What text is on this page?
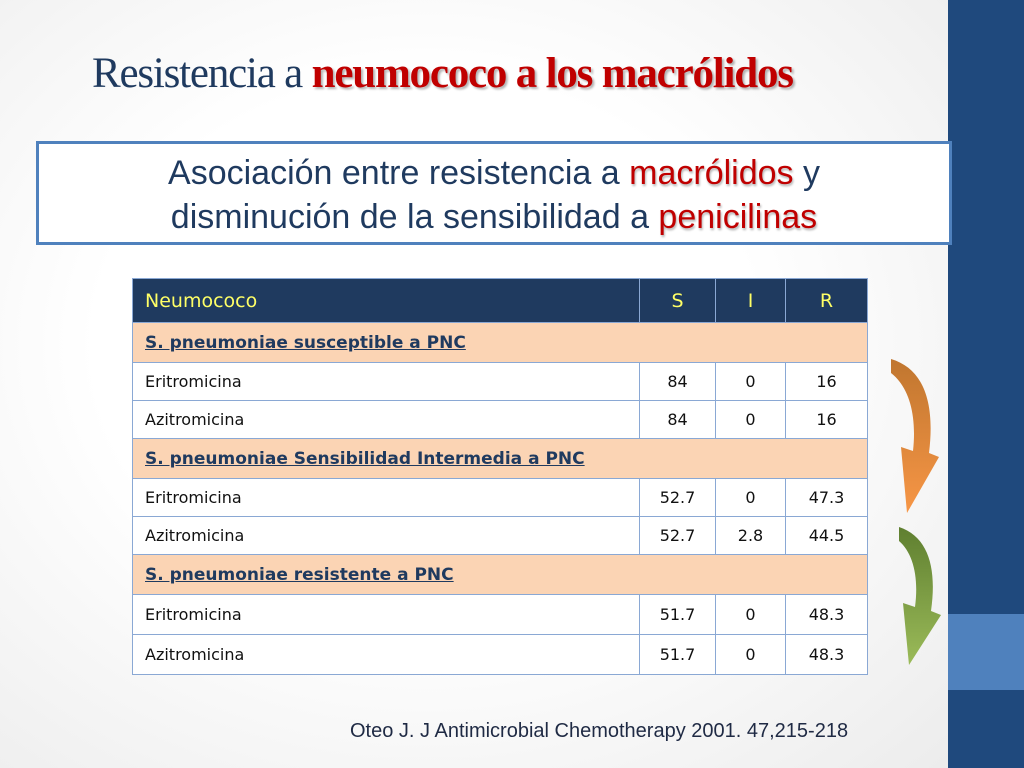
Resistencia a neumococo a los macrólidos
Asociación entre resistencia a macrólidos y
disminución de la sensibilidad a penicilinas
Neumococo	S	I	R
S. pneumoniae susceptible a PNC			
Eritromicina	84	0	16
Azitromicina	84	0	16
S. pneumoniae Sensibilidad Intermedia a PNC			
Eritromicina	52.7	0	47.3
Azitromicina	52.7	2.8	44.5
S. pneumoniae resistente a PNC			
Eritromicina	51.7	0	48.3
Azitromicina	51.7	0	48.3
Oteo J. J Antimicrobial Chemotherapy 2001. 47,215-218
